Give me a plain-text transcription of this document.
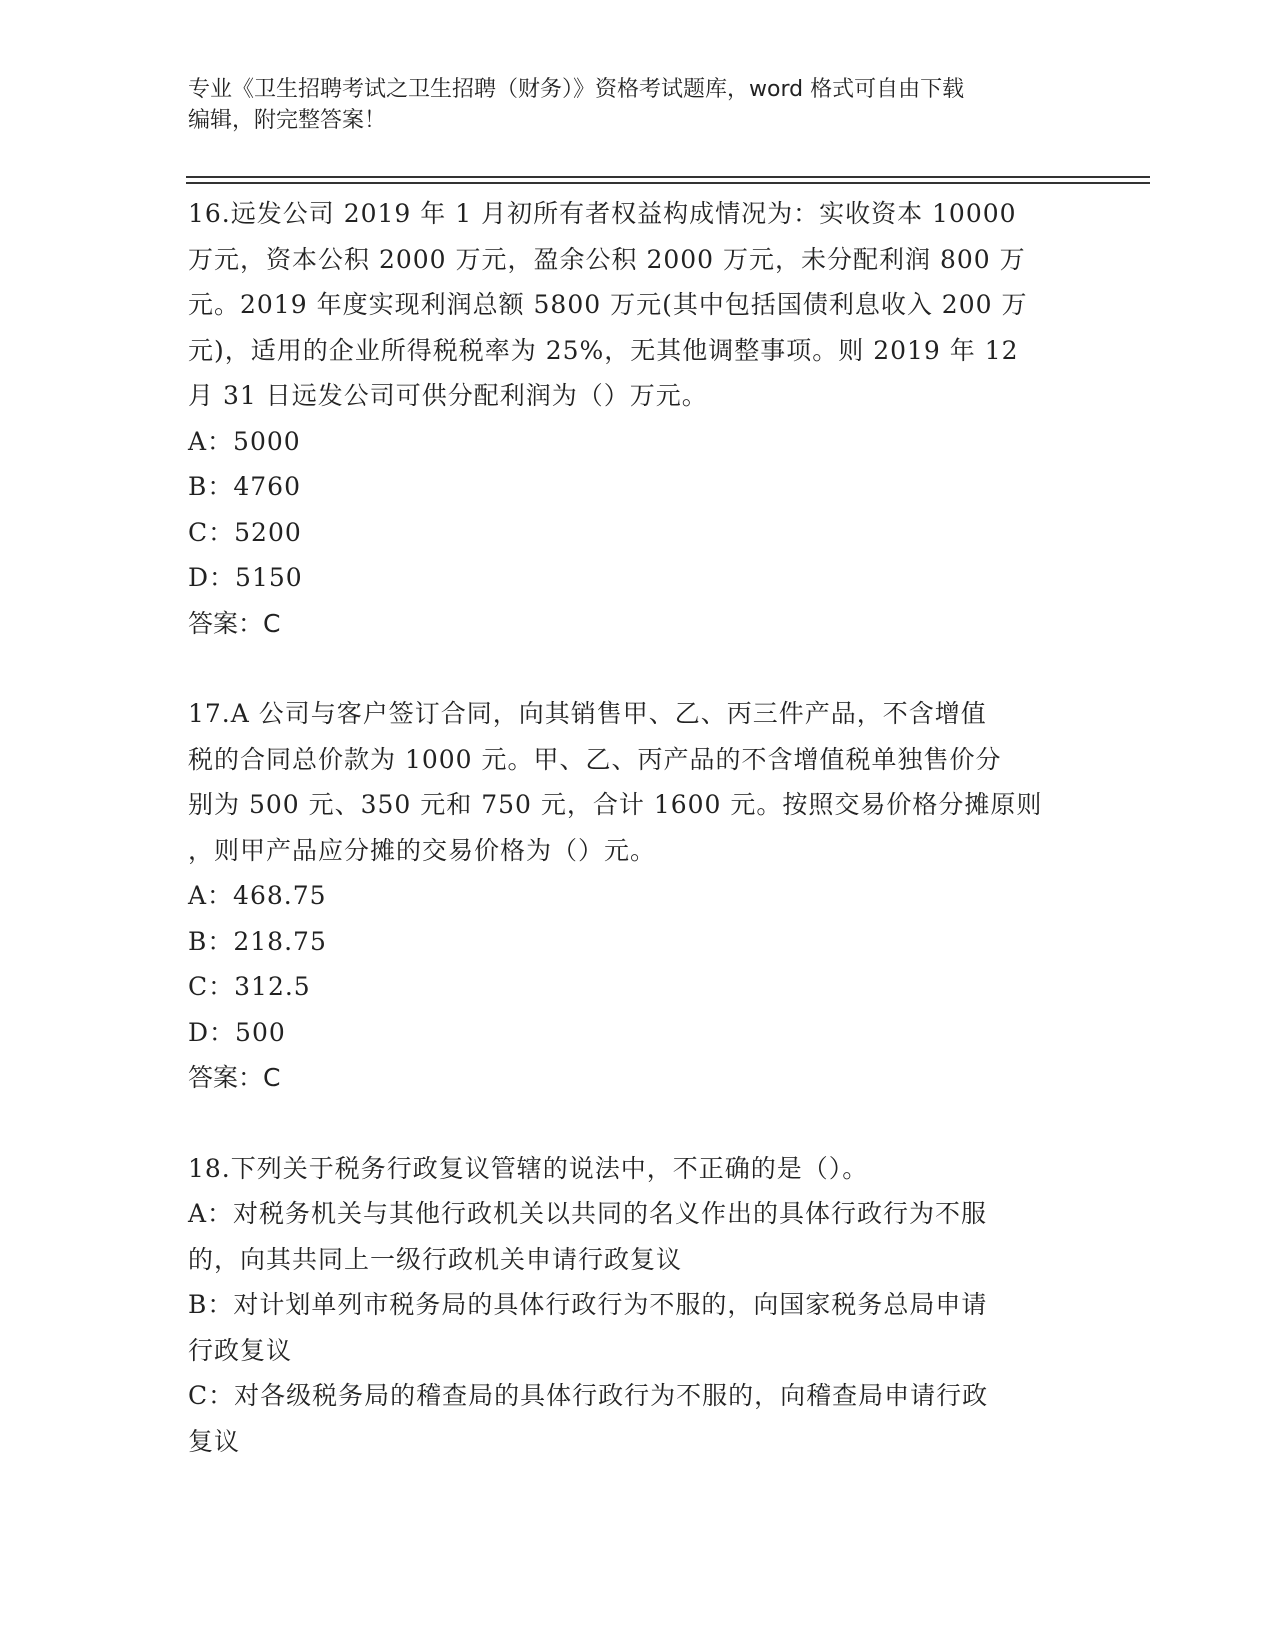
专业《卫生招聘考试之卫生招聘（财务）》资格考试题库，word 格式可自由下载
编辑，附完整答案！

16.远发公司 2019 年 1 月初所有者权益构成情况为：实收资本 10000

万元，资本公积 2000 万元，盈余公积 2000 万元，未分配利润 800 万

元。2019 年度实现利润总额 5800 万元(其中包括国债利息收入 200 万

元)，适用的企业所得税税率为 25%，无其他调整事项。则 2019 年 12

月 31 日远发公司可供分配利润为（）万元。

A：5000

B：4760

C：5200

D：5150

答案：C

17.A 公司与客户签订合同，向其销售甲、乙、丙三件产品，不含增值

税的合同总价款为 1000 元。甲、乙、丙产品的不含增值税单独售价分

别为 500 元、350 元和 750 元，合计 1600 元。按照交易价格分摊原则

，则甲产品应分摊的交易价格为（）元。

A：468.75

B：218.75

C：312.5

D：500

答案：C

18.下列关于税务行政复议管辖的说法中，不正确的是（）。

A：对税务机关与其他行政机关以共同的名义作出的具体行政行为不服

的，向其共同上一级行政机关申请行政复议

B：对计划单列市税务局的具体行政行为不服的，向国家税务总局申请

行政复议

C：对各级税务局的稽查局的具体行政行为不服的，向稽查局申请行政

复议
